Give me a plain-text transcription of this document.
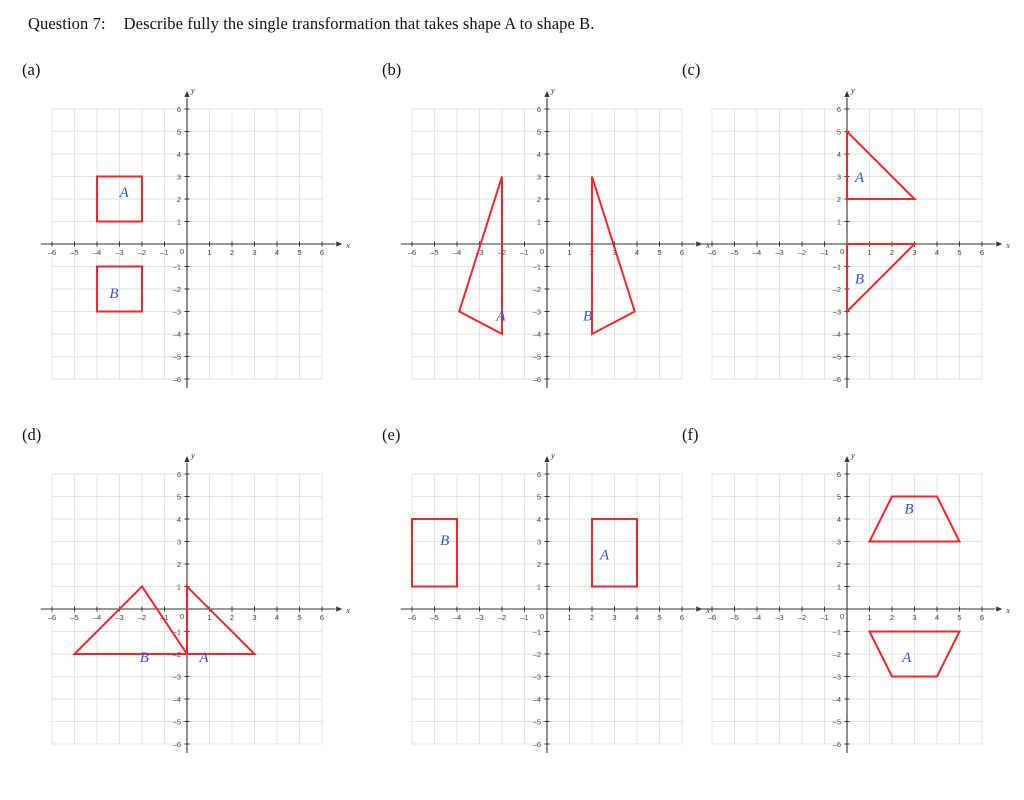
Question 7: Describe fully the single transformation that takes shape A to shape B.
(a)
x
y
–6 –5 –4 –3 –2 –1 0	1 2 3 4 5 6
–6
–5
–4
–3
–2
–1
1
2
3
4
5
6
A
B
(b)
x
y
–6 –5 –4 –3 –2 –1 0	1 2 3 4 5 6
–6
–5
–4
–3
–2
–1
1
2
3
4
5
6
A	B
(c)
x
y
–6 –5 –4 –3 –2 –1 0	1 2 3 4 5 6
–6
–5
–4
–3
–2
–1
1
2
3
4
5
6
A
B
(d)
x
y
–6 –5 –4 –3 –2 –1 0	1 2 3 4 5 6
–6
–5
–4
–3
–2
–1
1
2
3
4
5
6
A
B
(e)
x
y
–6 –5 –4 –3 –2 –1 0	1 2 3 4 5 6
–6
–5
–4
–3
–2
–1
1
2
3
4
5
6
A
B
(f)
x
y
–6 –5 –4 –3 –2 –1 0	1 2 3 4 5 6
–6
–5
–4
–3
–2
–1
1
2
3
4
5
6
A
B
